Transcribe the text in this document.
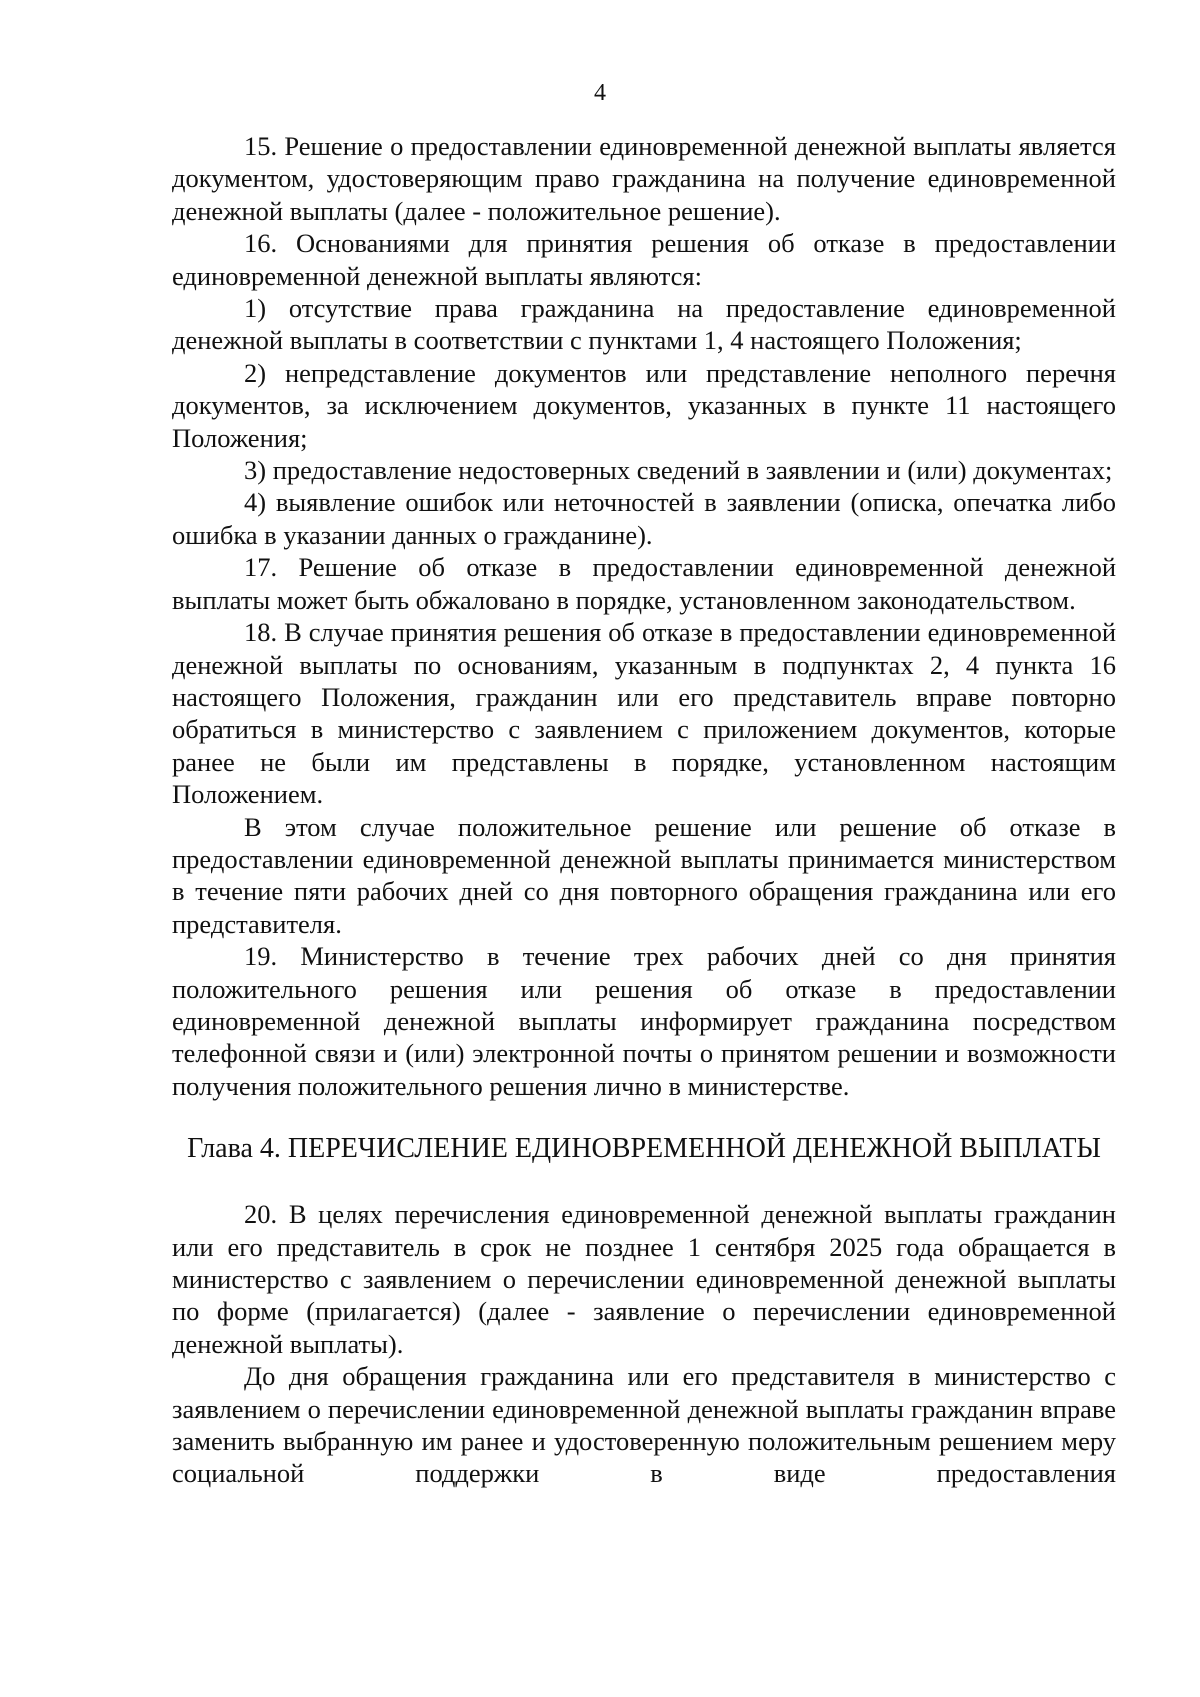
4

15. Решение о предоставлении единовременной денежной выплаты является документом, удостоверяющим право гражданина на получение единовременной денежной выплаты (далее - положительное решение).

16. Основаниями для принятия решения об отказе в предоставлении единовременной денежной выплаты являются:

1) отсутствие права гражданина на предоставление единовременной денежной выплаты в соответствии с пунктами 1, 4 настоящего Положения;

2) непредставление документов или представление неполного перечня документов, за исключением документов, указанных в пункте 11 настоящего Положения;

3) предоставление недостоверных сведений в заявлении и (или) документах;

4) выявление ошибок или неточностей в заявлении (описка, опечатка либо ошибка в указании данных о гражданине).

17. Решение об отказе в предоставлении единовременной денежной выплаты может быть обжаловано в порядке, установленном законодательством.

18. В случае принятия решения об отказе в предоставлении единовременной денежной выплаты по основаниям, указанным в подпунктах 2, 4 пункта 16 настоящего Положения, гражданин или его представитель вправе повторно обратиться в министерство с заявлением с приложением документов, которые ранее не были им представлены в порядке, установленном настоящим Положением.

В этом случае положительное решение или решение об отказе в предоставлении единовременной денежной выплаты принимается министерством в течение пяти рабочих дней со дня повторного обращения гражданина или его представителя.

19. Министерство в течение трех рабочих дней со дня принятия положительного решения или решения об отказе в предоставлении единовременной денежной выплаты информирует гражданина посредством телефонной связи и (или) электронной почты о принятом решении и возможности получения положительного решения лично в министерстве.

Глава 4. ПЕРЕЧИСЛЕНИЕ ЕДИНОВРЕМЕННОЙ ДЕНЕЖНОЙ ВЫПЛАТЫ

20. В целях перечисления единовременной денежной выплаты гражданин или его представитель в срок не позднее 1 сентября 2025 года обращается в министерство с заявлением о перечислении единовременной денежной выплаты по форме (прилагается) (далее - заявление о перечислении единовременной денежной выплаты).

До дня обращения гражданина или его представителя в министерство с заявлением о перечислении единовременной денежной выплаты гражданин вправе заменить выбранную им ранее и удостоверенную положительным решением меру социальной поддержки в виде предоставления
